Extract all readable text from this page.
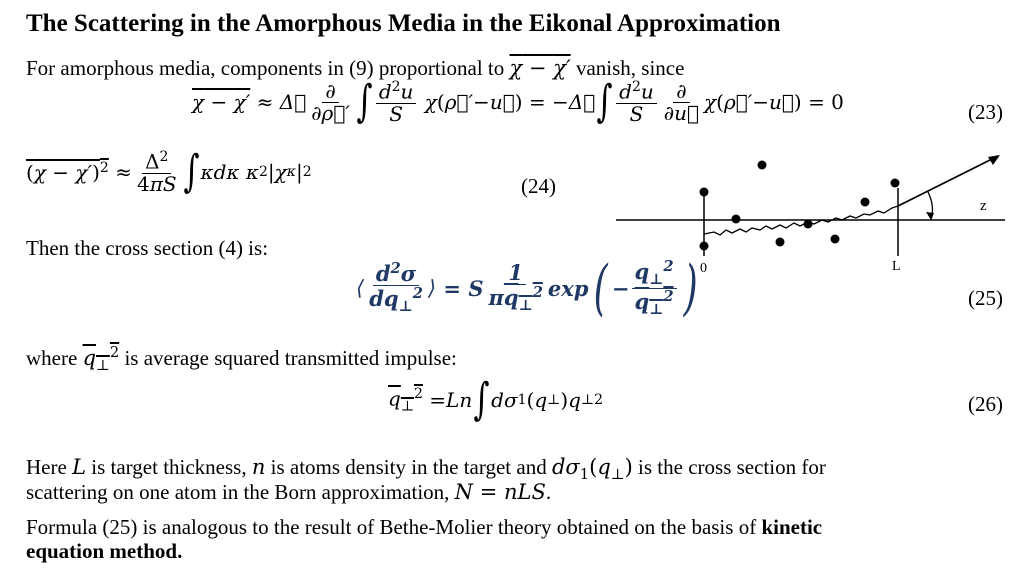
The Scattering in the Amorphous Media in the Eikonal Approximation
For amorphous media, components in (9) proportional to χ − χ′ vanish, since
χ − χ′ ≈ Δ⃗ $\frac{\partial}{\partial\rho⃗'}$ ∫ $\frac{d^2u}{S}$
χ ( ρ⃗′ − u⃗ ) = − Δ⃗ ∫ $\frac{d^2u}{S} \frac{\partial}{\partial u⃗}$ χ ( ρ⃗′ − u⃗ ) = 0	(23)
$(\chi - \chi')^2 \approx \frac{\Delta^2}{4\pi S}$ ∫ κdκ κ 2 | χ κ | 2
(24)
Then the cross section (4) is:
⟨ $\frac{d^2\sigma}{dq_\perp^2}$ ⟩ = S $\frac{1}{\pi q_\perp^2}$ exp ( − $\frac{q_\perp^2}{q_\perp^2}$ )	(25)
where $q_\perp^2$ is average squared transmitted impulse:
$q_\perp^2 = Ln$ ∫ dσ 1 ( q ⊥ ) q ⊥ 2	(26)
Here L is target thickness, n is atoms density in the target and $d\sigma_1(q_\perp)$ is the cross section for
scattering on one atom in the Born approximation, N = nLS.
Formula (25) is analogous to the result of Bethe-Molier theory obtained on the basis of kinetic
equation method.
0	L
z
